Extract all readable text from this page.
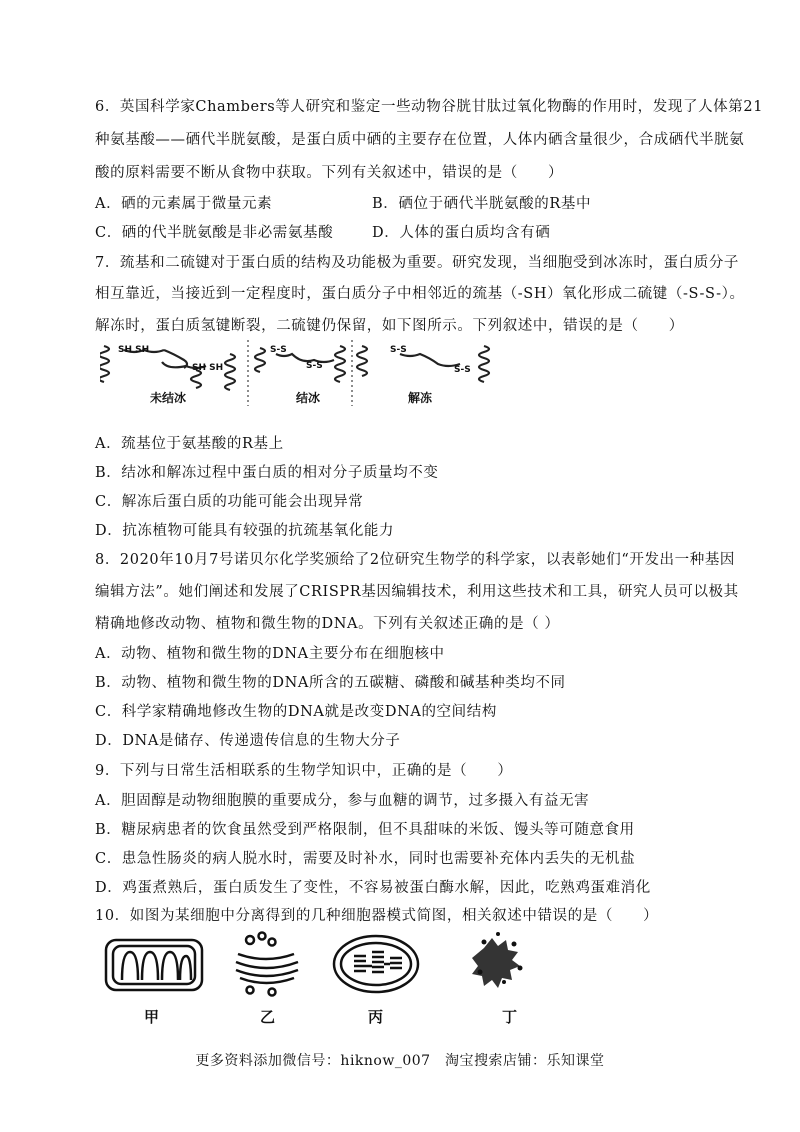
6．英国科学家Chambers等人研究和鉴定一些动物谷胱甘肽过氧化物酶的作用时，发现了人体第21
种氨基酸——硒代半胱氨酸，是蛋白质中硒的主要存在位置，人体内硒含量很少，合成硒代半胱氨
酸的原料需要不断从食物中获取。下列有关叙述中，错误的是（　　）
A．硒的元素属于微量元素	B．硒位于硒代半胱氨酸的R基中
C．硒的代半胱氨酸是非必需氨基酸	D．人体的蛋白质均含有硒
7．巯基和二硫键对于蛋白质的结构及功能极为重要。研究发现，当细胞受到冰冻时，蛋白质分子
相互靠近，当接近到一定程度时，蛋白质分子中相邻近的巯基（-SH）氧化形成二硫键（-S-S-）。
解冻时，蛋白质氢键断裂，二硫键仍保留，如下图所示。下列叙述中，错误的是（　　）
SH SH
SH SH
S-S
S-S
S-S
S-S
未结冰	结冰	解冻
A．巯基位于氨基酸的R基上
B．结冰和解冻过程中蛋白质的相对分子质量均不变
C．解冻后蛋白质的功能可能会出现异常
D．抗冻植物可能具有较强的抗巯基氧化能力
8．2020年10月7号诺贝尔化学奖颁给了2位研究生物学的科学家，以表彰她们“开发出一种基因
编辑方法”。她们阐述和发展了CRISPR基因编辑技术，利用这些技术和工具，研究人员可以极其
精确地修改动物、植物和微生物的DNA。下列有关叙述正确的是（ ）
A．动物、植物和微生物的DNA主要分布在细胞核中
B．动物、植物和微生物的DNA所含的五碳糖、磷酸和碱基种类均不同
C．科学家精确地修改生物的DNA就是改变DNA的空间结构
D．DNA是储存、传递遗传信息的生物大分子
9．下列与日常生活相联系的生物学知识中，正确的是（　　）
A．胆固醇是动物细胞膜的重要成分，参与血糖的调节，过多摄入有益无害
B．糖尿病患者的饮食虽然受到严格限制，但不具甜味的米饭、馒头等可随意食用
C．患急性肠炎的病人脱水时，需要及时补水，同时也需要补充体内丢失的无机盐
D．鸡蛋煮熟后，蛋白质发生了变性，不容易被蛋白酶水解，因此，吃熟鸡蛋难消化
10．如图为某细胞中分离得到的几种细胞器模式简图，相关叙述中错误的是（　　）
甲	乙	丙	丁
更多资料添加微信号：hiknow_007　淘宝搜索店铺：乐知课堂
